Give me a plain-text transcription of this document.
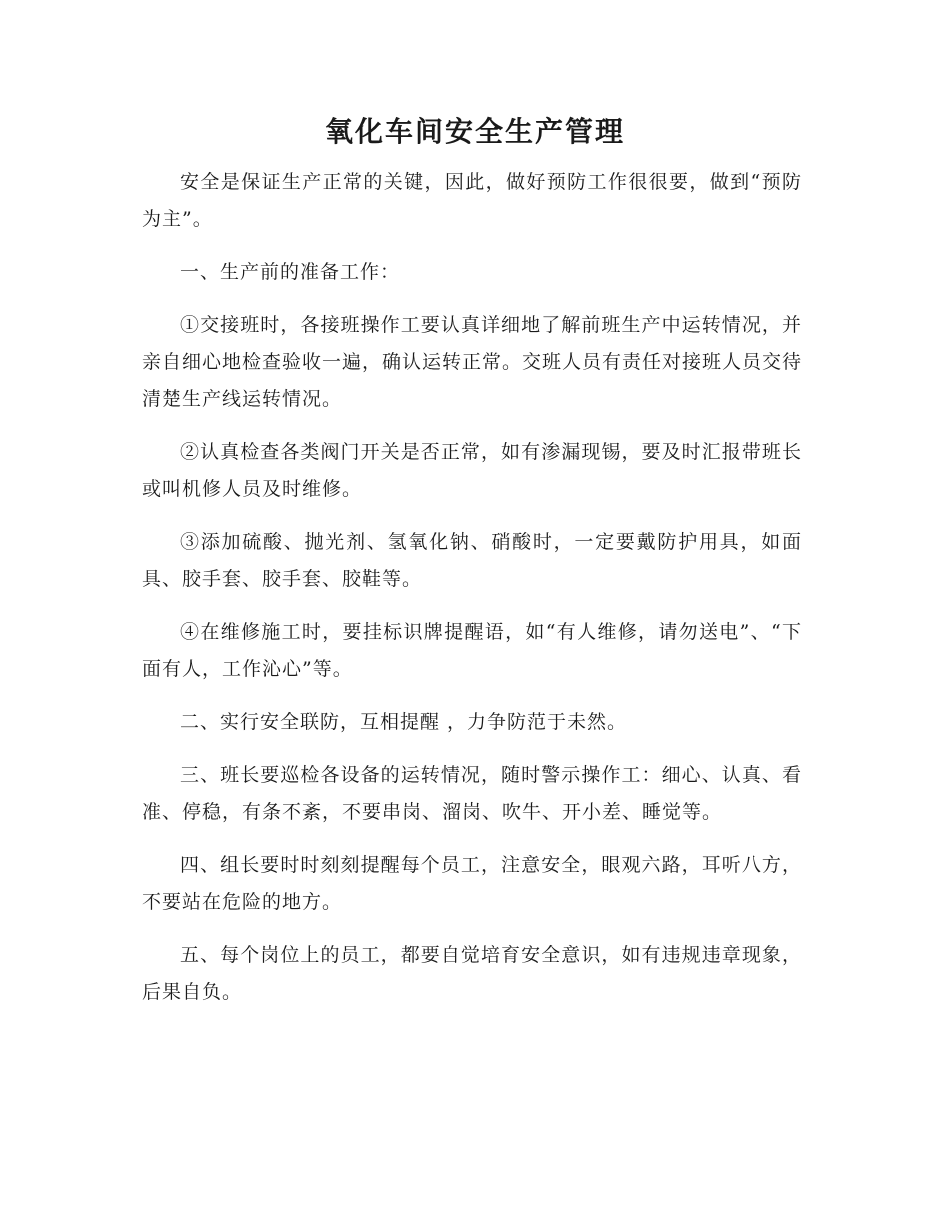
氧化车间安全生产管理

安全是保证生产正常的关键，因此，做好预防工作很很要，做到“预防为主”。

一、生产前的准备工作：

①交接班时，各接班操作工要认真详细地了解前班生产中运转情况，并亲自细心地检查验收一遍，确认运转正常。交班人员有责任对接班人员交待清楚生产线运转情况。

②认真检查各类阀门开关是否正常，如有渗漏现锡，要及时汇报带班长或叫机修人员及时维修。

③添加硫酸、抛光剂、氢氧化钠、硝酸时，一定要戴防护用具，如面具、胶手套、胶手套、胶鞋等。

④在维修施工时，要挂标识牌提醒语，如“有人维修，请勿送电”、“下面有人，工作沁心”等。

二、实行安全联防，互相提醒 ，力争防范于未然。

三、班长要巡检各设备的运转情况，随时警示操作工：细心、认真、看准、停稳，有条不紊，不要串岗、溜岗、吹牛、开小差、睡觉等。

四、组长要时时刻刻提醒每个员工，注意安全，眼观六路，耳听八方，不要站在危险的地方。

五、每个岗位上的员工，都要自觉培育安全意识，如有违规违章现象，后果自负。
